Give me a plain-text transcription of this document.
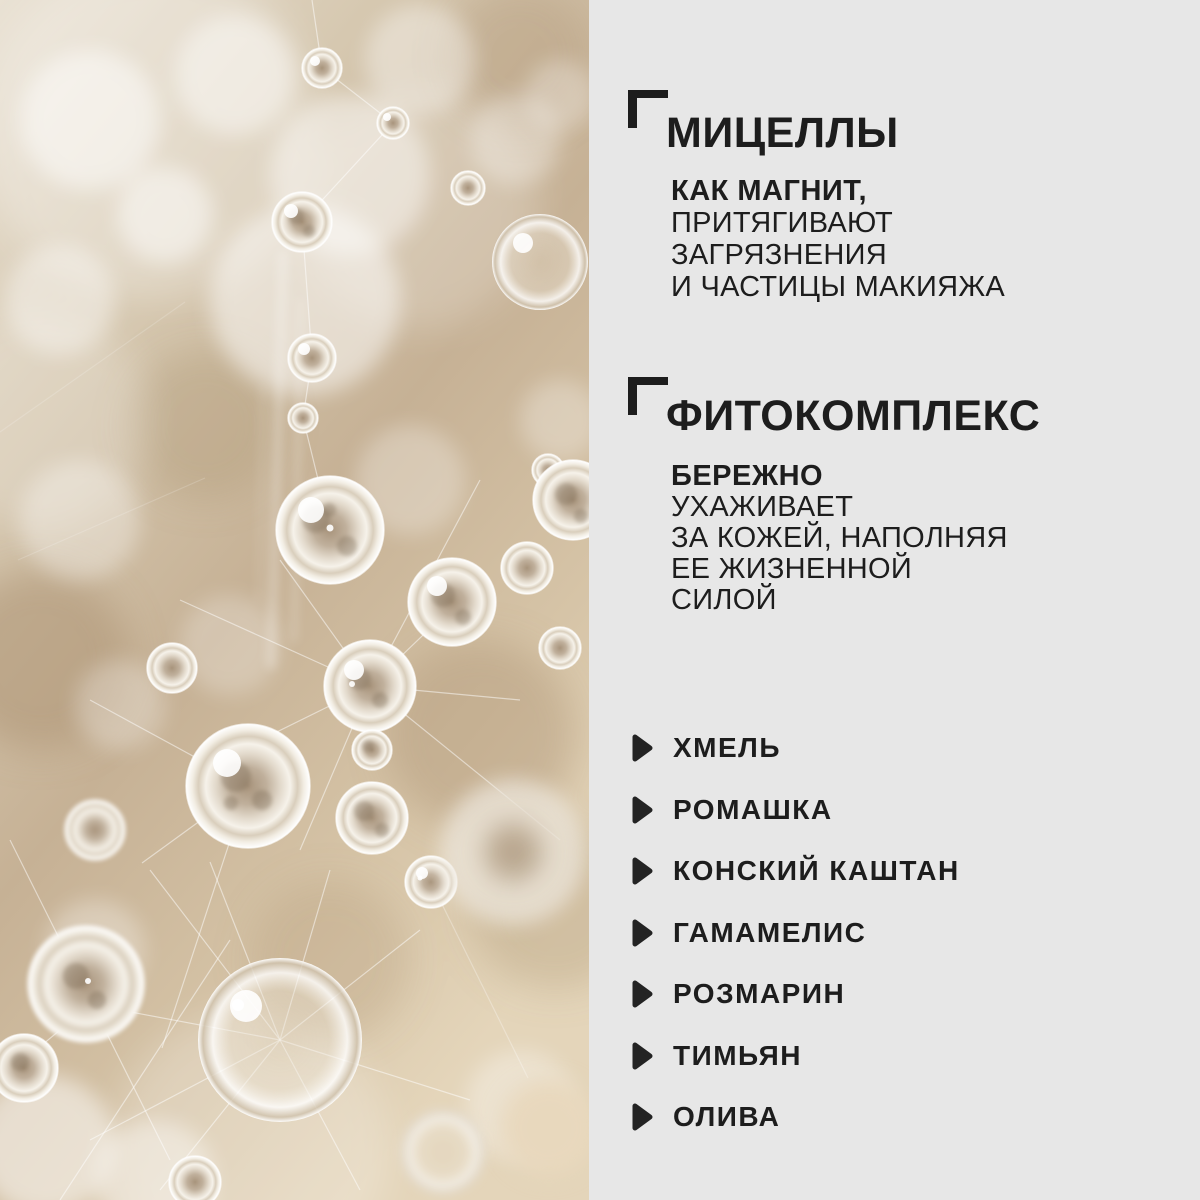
МИЦЕЛЛЫ

КАК МАГНИТ,

ПРИТЯГИВАЮТ

ЗАГРЯЗНЕНИЯ

И ЧАСТИЦЫ МАКИЯЖА

ФИТОКОМПЛЕКС

БЕРЕЖНО

УХАЖИВАЕТ

ЗА КОЖЕЙ, НАПОЛНЯЯ

ЕЕ ЖИЗНЕННОЙ

СИЛОЙ

ХМЕЛЬ
РОМАШКА
КОНСКИЙ КАШТАН
ГАМАМЕЛИС
РОЗМАРИН
ТИМЬЯН
ОЛИВА
